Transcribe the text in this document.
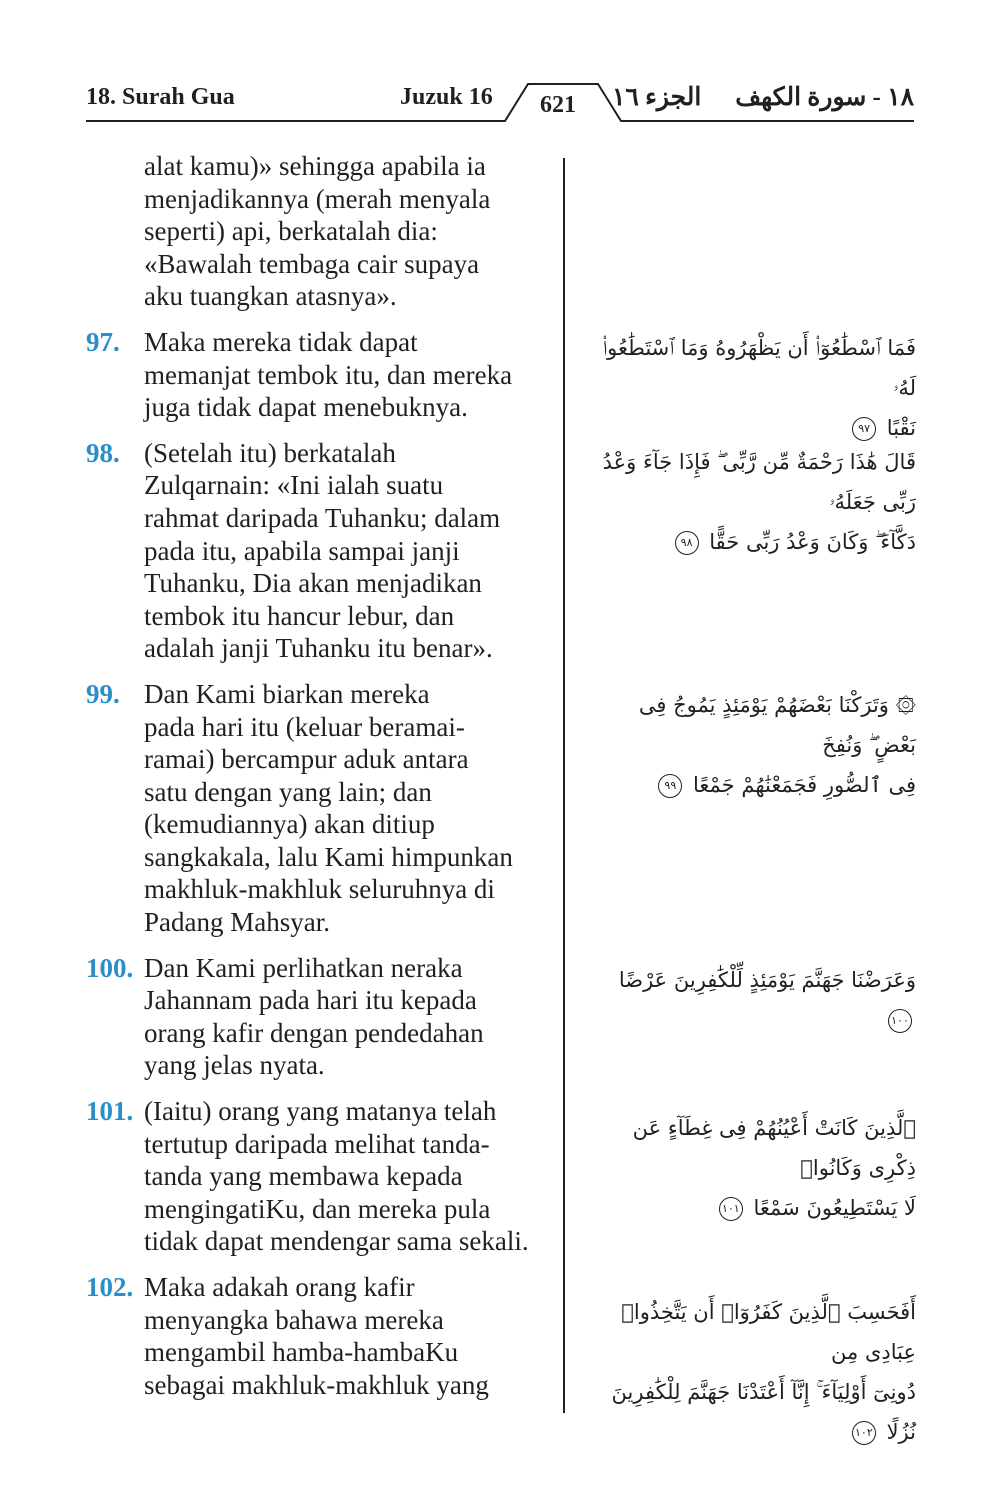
18. Surah Gua	Juzuk 16 621 الجزء ١٦ ١٨ - سورة الكهف
alat kamu)» sehingga apabila ia
menjadikannya (merah menyala
seperti) api, berkatalah dia:
«Bawalah tembaga cair supaya
aku tuangkan atasnya».
97. Maka mereka tidak dapat
memanjat tembok itu, dan mereka
juga tidak dapat menebuknya.
98. (Setelah itu) berkatalah
Zulqarnain: «Ini ialah suatu
rahmat daripada Tuhanku; dalam
pada itu, apabila sampai janji
Tuhanku, Dia akan menjadikan
tembok itu hancur lebur, dan
adalah janji Tuhanku itu benar».
99. Dan Kami biarkan mereka
pada hari itu (keluar beramai-
ramai) bercampur aduk antara
satu dengan yang lain; dan
(kemudiannya) akan ditiup
sangkakala, lalu Kami himpunkan
makhluk-makhluk seluruhnya di
Padang Mahsyar.
100. Dan Kami perlihatkan neraka
Jahannam pada hari itu kepada
orang kafir dengan pendedahan
yang jelas nyata.
101. (Iaitu) orang yang matanya telah
tertutup daripada melihat tanda-
tanda yang membawa kepada
mengingatiKu, dan mereka pula
tidak dapat mendengar sama sekali.
102. Maka adakah orang kafir
menyangka bahawa mereka
mengambil hamba-hambaKu
sebagai makhluk-makhluk yang
فَمَا ٱسْطَٰعُوٓا۟ أَن يَظْهَرُوهُ وَمَا ٱسْتَطَٰعُوا۟ لَهُۥ
نَقْبًا ٩٧
قَالَ هَٰذَا رَحْمَةٌ مِّن رَّبِّى ۖ فَإِذَا جَآءَ وَعْدُ رَبِّى جَعَلَهُۥ
دَكَّآءَ ۖ وَكَانَ وَعْدُ رَبِّى حَقًّا ٩٨
۞ وَتَرَكْنَا بَعْضَهُمْ يَوْمَئِذٍ يَمُوجُ فِى بَعْضٍ ۖ وَنُفِخَ
فِى ٱلصُّورِ فَجَمَعْنَٰهُمْ جَمْعًا ٩٩
وَعَرَضْنَا جَهَنَّمَ يَوْمَئِذٍ لِّلْكَٰفِرِينَ عَرْضًا ١٠٠
ٱلَّذِينَ كَانَتْ أَعْيُنُهُمْ فِى غِطَآءٍ عَن ذِكْرِى وَكَانُوا۟
لَا يَسْتَطِيعُونَ سَمْعًا ١٠١
أَفَحَسِبَ ٱلَّذِينَ كَفَرُوٓا۟ أَن يَتَّخِذُوا۟ عِبَادِى مِن
دُونِىٓ أَوْلِيَآءَ ۚ إِنَّآ أَعْتَدْنَا جَهَنَّمَ لِلْكَٰفِرِينَ
نُزُلًا ١٠٢
